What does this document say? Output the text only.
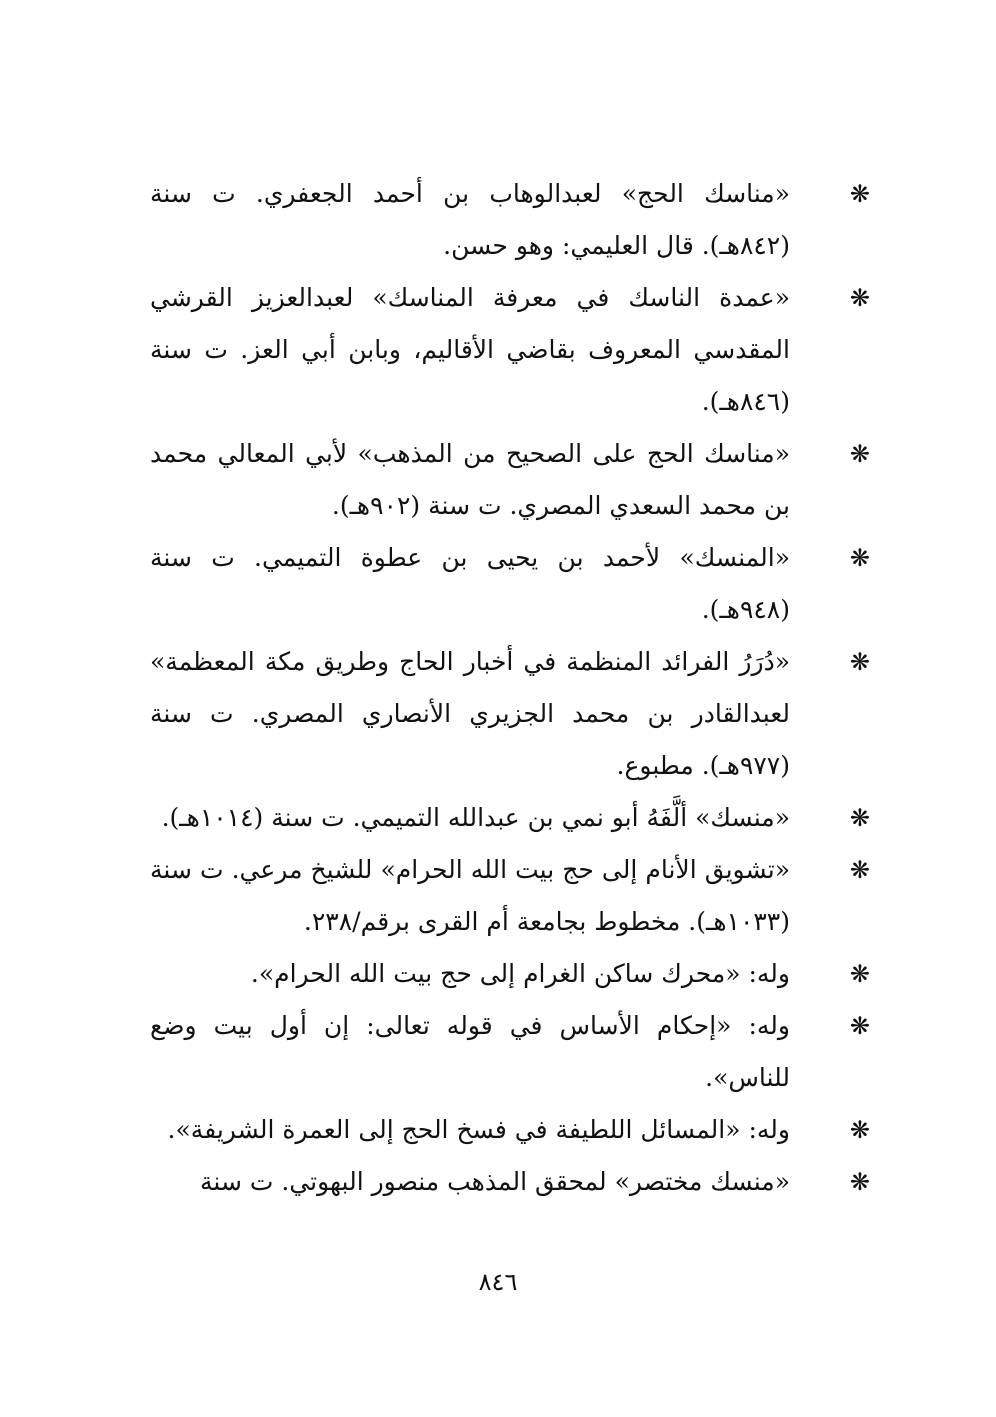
❋
«مناسك الحج» لعبدالوهاب بن أحمد الجعفري. ت سنة (٨٤٢هـ). قال العليمي: وهو حسن.
❋
«عمدة الناسك في معرفة المناسك» لعبدالعزيز القرشي المقدسي المعروف بقاضي الأقاليم، وبابن أبي العز. ت سنة (٨٤٦هـ).
❋
«مناسك الحج على الصحيح من المذهب» لأبي المعالي محمد بن محمد السعدي المصري. ت سنة (٩٠٢هـ).
❋
«المنسك» لأحمد بن يحيى بن عطوة التميمي. ت سنة (٩٤٨هـ).
❋
«دُرَرُ الفرائد المنظمة في أخبار الحاج وطريق مكة المعظمة» لعبدالقادر بن محمد الجزيري الأنصاري المصري. ت سنة (٩٧٧هـ). مطبوع.
❋
«منسك» ألَّفَهُ أبو نمي بن عبدالله التميمي. ت سنة (١٠١٤هـ).
❋
«تشويق الأنام إلى حج بيت الله الحرام» للشيخ مرعي. ت سنة (١٠٣٣هـ). مخطوط بجامعة أم القرى برقم/٢٣٨.
❋
وله: «محرك ساكن الغرام إلى حج بيت الله الحرام».
❋
وله: «إحكام الأساس في قوله تعالى: إن أول بيت وضع للناس».
❋
وله: «المسائل اللطيفة في فسخ الحج إلى العمرة الشريفة».
❋
«منسك مختصر» لمحقق المذهب منصور البهوتي. ت سنة
٨٤٦
